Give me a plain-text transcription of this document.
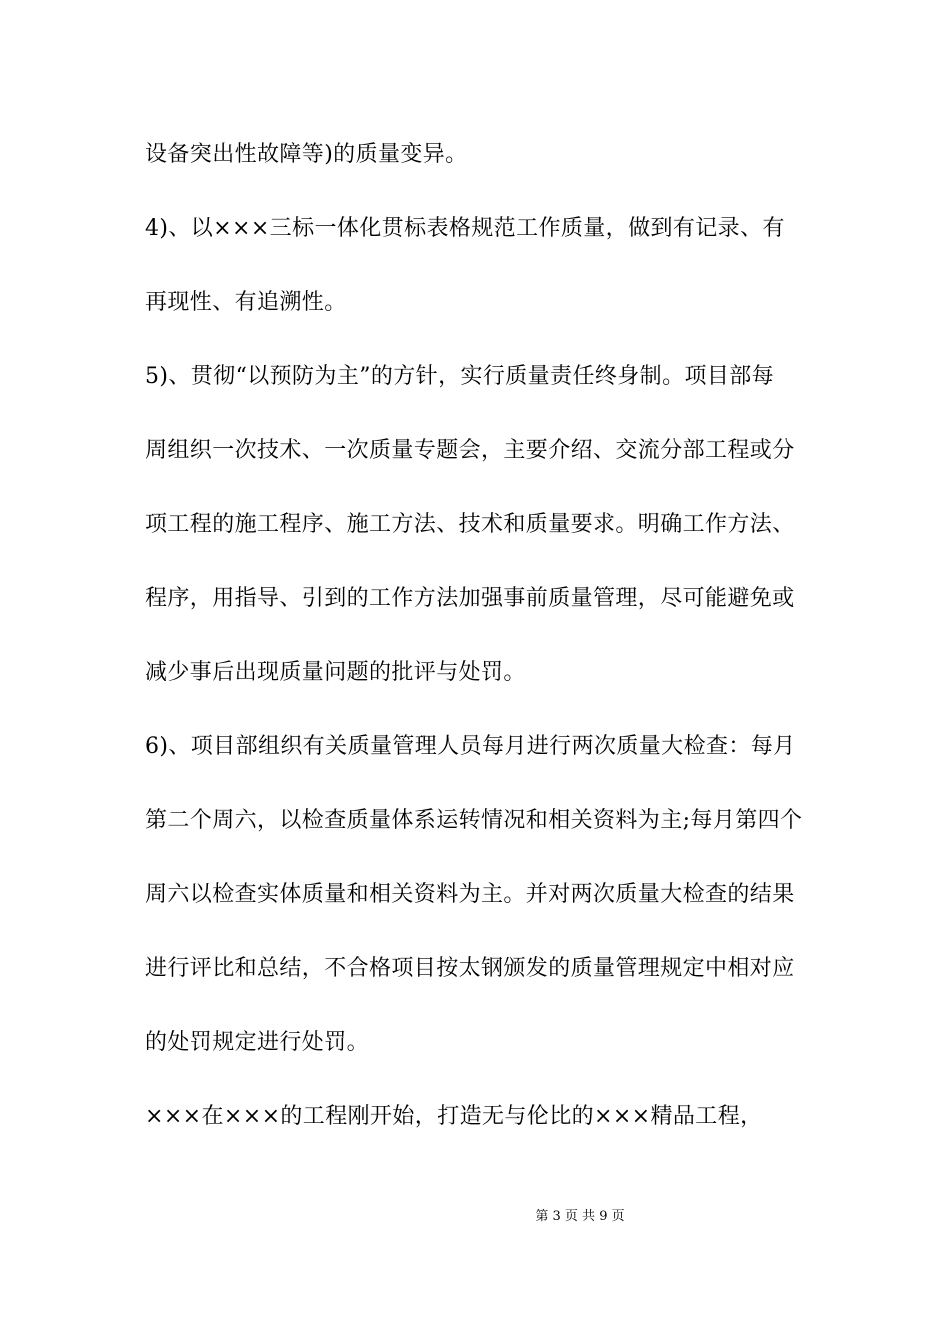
设备突出性故障等)的质量变异。
4)、以×××三标一体化贯标表格规范工作质量，做到有记录、有
再现性、有追溯性。
5)、贯彻“以预防为主”的方针，实行质量责任终身制。项目部每
周组织一次技术、一次质量专题会，主要介绍、交流分部工程或分
项工程的施工程序、施工方法、技术和质量要求。明确工作方法、
程序，用指导、引到的工作方法加强事前质量管理，尽可能避免或
减少事后出现质量问题的批评与处罚。
6)、项目部组织有关质量管理人员每月进行两次质量大检查：每月
第二个周六，以检查质量体系运转情况和相关资料为主;每月第四个
周六以检查实体质量和相关资料为主。并对两次质量大检查的结果
进行评比和总结，不合格项目按太钢颁发的质量管理规定中相对应
的处罚规定进行处罚。
×××在×××的工程刚开始，打造无与伦比的×××精品工程，
第 3 页 共 9 页
